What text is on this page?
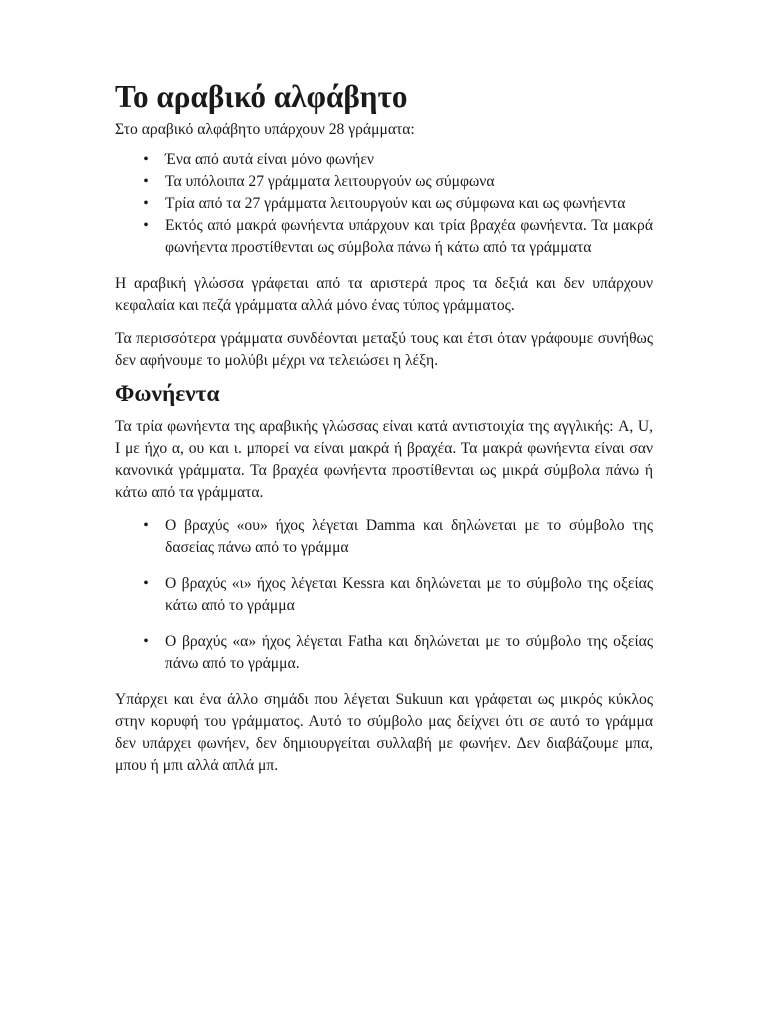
Το αραβικό αλφάβητο

Στο αραβικό αλφάβητο υπάρχουν 28 γράμματα:

• Ένα από αυτά είναι μόνο φωνήεν
• Τα υπόλοιπα 27 γράμματα λειτουργούν ως σύμφωνα
• Τρία από τα 27 γράμματα λειτουργούν και ως σύμφωνα και ως φωνήεντα
• Εκτός από μακρά φωνήεντα υπάρχουν και τρία βραχέα φωνήεντα. Τα μακρά φωνήεντα προστίθενται ως σύμβολα πάνω ή κάτω από τα γράμματα

Η αραβική γλώσσα γράφεται από τα αριστερά προς τα δεξιά και δεν υπάρχουν κεφαλαία και πεζά γράμματα αλλά μόνο ένας τύπος γράμματος.

Τα περισσότερα γράμματα συνδέονται μεταξύ τους και έτσι όταν γράφουμε συνήθως δεν αφήνουμε το μολύβι μέχρι να τελειώσει η λέξη.

Φωνήεντα

Τα τρία φωνήεντα της αραβικής γλώσσας είναι κατά αντιστοιχία της αγγλικής: A, U, I με ήχο α, ου και ι. μπορεί να είναι μακρά ή βραχέα. Τα μακρά φωνήεντα είναι σαν κανονικά γράμματα. Τα βραχέα φωνήεντα προστίθενται ως μικρά σύμβολα πάνω ή κάτω από τα γράμματα.

• Ο βραχύς «ου» ήχος λέγεται Damma και δηλώνεται με το σύμβολο της δασείας πάνω από το γράμμα
• Ο βραχύς «ι» ήχος λέγεται Kessra και δηλώνεται με το σύμβολο της οξείας κάτω από το γράμμα
• Ο βραχύς «α» ήχος λέγεται Fatha και δηλώνεται με το σύμβολο της οξείας πάνω από το γράμμα.

Υπάρχει και ένα άλλο σημάδι που λέγεται Sukuun και γράφεται ως μικρός κύκλος στην κορυφή του γράμματος. Αυτό το σύμβολο μας δείχνει ότι σε αυτό το γράμμα δεν υπάρχει φωνήεν, δεν δημιουργείται συλλαβή με φωνήεν. Δεν διαβάζουμε μπα, μπου ή μπι αλλά απλά μπ.
